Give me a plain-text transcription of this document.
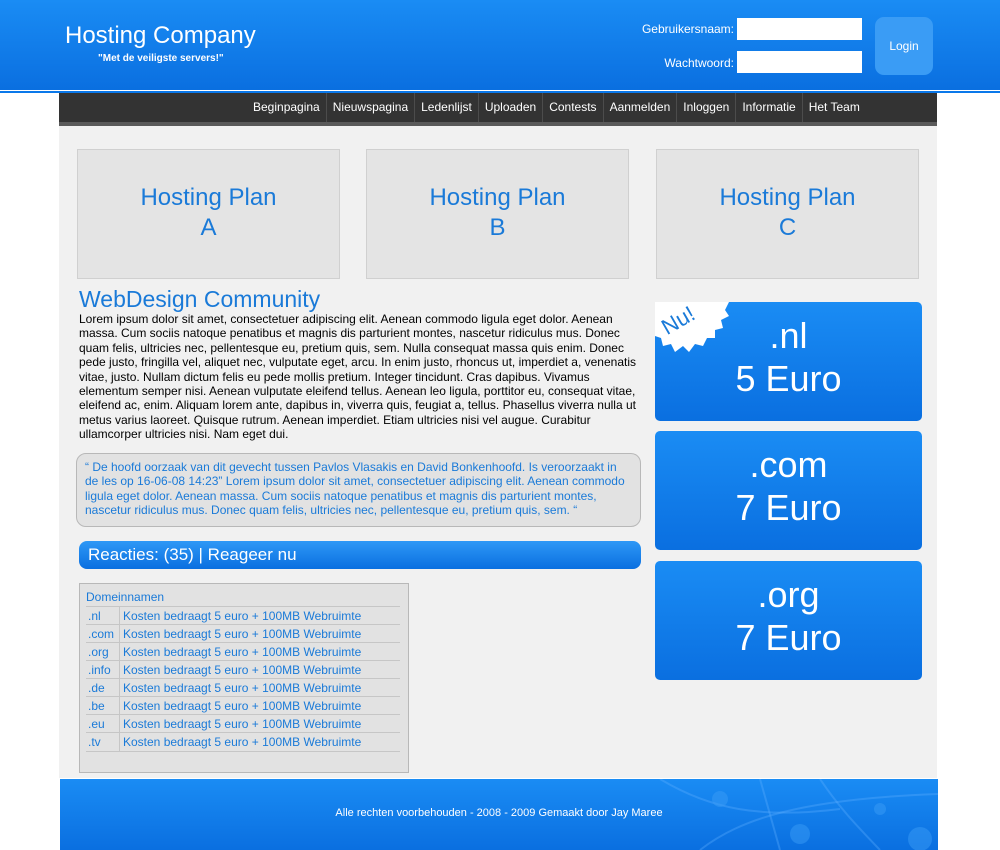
Hosting Company
"Met de veiligste servers!"
Gebruikersnaam:
Wachtwoord:
Login
Beginpagina	Nieuwspagina	Ledenlijst	Uploaden	Contests	Aanmelden	Inloggen	Informatie	Het Team
Hosting Plan
A
Hosting Plan
B
Hosting Plan
C
WebDesign Community
Lorem ipsum dolor sit amet, consectetuer adipiscing elit. Aenean commodo ligula eget dolor. Aenean massa. Cum sociis natoque penatibus et magnis dis parturient montes, nascetur ridiculus mus. Donec quam felis, ultricies nec, pellentesque eu, pretium quis, sem. Nulla consequat massa quis enim. Donec pede justo, fringilla vel, aliquet nec, vulputate eget, arcu. In enim justo, rhoncus ut, imperdiet a, venenatis vitae, justo. Nullam dictum felis eu pede mollis pretium. Integer tincidunt. Cras dapibus. Vivamus elementum semper nisi. Aenean vulputate eleifend tellus. Aenean leo ligula, porttitor eu, consequat vitae, eleifend ac, enim. Aliquam lorem ante, dapibus in, viverra quis, feugiat a, tellus. Phasellus viverra nulla ut metus varius laoreet. Quisque rutrum. Aenean imperdiet. Etiam ultricies nisi vel augue. Curabitur ullamcorper ultricies nisi. Nam eget dui.
“ De hoofd oorzaak van dit gevecht tussen Pavlos Vlasakis en David Bonkenhoofd. Is veroorzaakt in de les op 16-06-08 14:23” Lorem ipsum dolor sit amet, consectetuer adipiscing elit. Aenean commodo ligula eget dolor. Aenean massa. Cum sociis natoque penatibus et magnis dis parturient montes, nascetur ridiculus mus. Donec quam felis, ultricies nec, pellentesque eu, pretium quis, sem. “
Reacties: (35) | Reageer nu
Domeinnamen
.nl	Kosten bedraagt 5 euro + 100MB Webruimte
.com Kosten bedraagt 5 euro + 100MB Webruimte
.org	Kosten bedraagt 5 euro + 100MB Webruimte
.info	Kosten bedraagt 5 euro + 100MB Webruimte
.de	Kosten bedraagt 5 euro + 100MB Webruimte
.be	Kosten bedraagt 5 euro + 100MB Webruimte
.eu	Kosten bedraagt 5 euro + 100MB Webruimte
.tv	Kosten bedraagt 5 euro + 100MB Webruimte
.nl
5 Euro
.com
7 Euro
.org
7 Euro
Nu!
Alle rechten voorbehouden - 2008 - 2009 Gemaakt door Jay Maree
